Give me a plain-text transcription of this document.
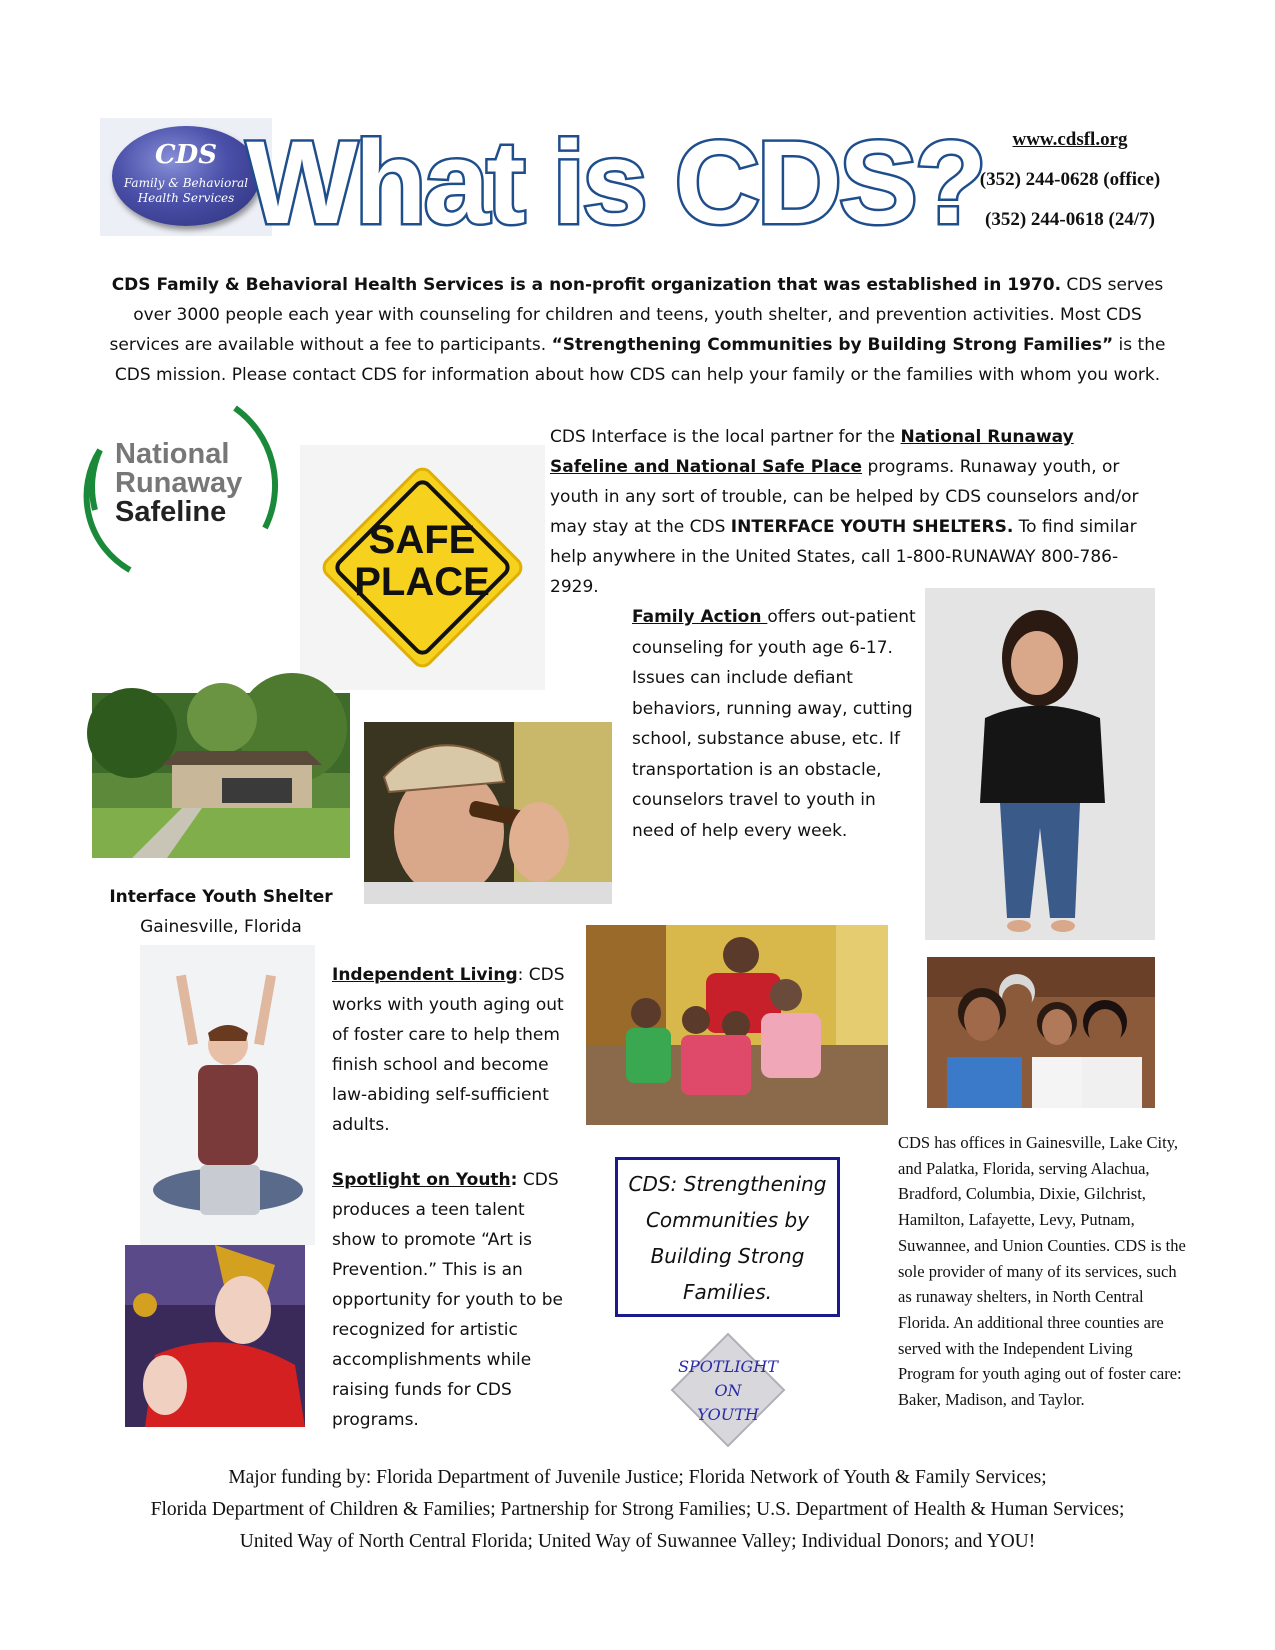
CDS
Family & Behavioral
Health Services What is CDS?	www.cdsfl.org
(352) 244-0628 (office)
(352) 244-0618 (24/7)
CDS Family & Behavioral Health Services is a non-profit organization that was established in 1970. CDS serves over 3000 people each year with counseling for children and teens, youth shelter, and prevention activities. Most CDS services are available without a fee to participants. “Strengthening Communities by Building Strong Families” is the CDS mission. Please contact CDS for information about how CDS can help your family or the families with whom you work.
National
Runaway
Safeline
SAFE
PLACE
CDS Interface is the local partner for the National Runaway Safeline and National Safe Place programs. Runaway youth, or youth in any sort of trouble, can be helped by CDS counselors and/or may stay at the CDS INTERFACE YOUTH SHELTERS. To find similar help anywhere in the United States, call 1-800-RUNAWAY 800-786-2929.
Interface Youth Shelter
Gainesville, Florida
Family Action offers out-patient counseling for youth age 6-17. Issues can include defiant behaviors, running away, cutting school, substance abuse, etc. If transportation is an obstacle, counselors travel to youth in need of help every week.
Independent Living: CDS works with youth aging out of foster care to help them finish school and become law-abiding self-sufficient adults.
Spotlight on Youth: CDS produces a teen talent show to promote “Art is Prevention.” This is an opportunity for youth to be recognized for artistic accomplishments while raising funds for CDS programs.
CDS: Strengthening
Communities by
Building Strong
Families.
SPOTLIGHT
ON
YOUTH
CDS has offices in Gainesville, Lake City, and Palatka, Florida, serving Alachua, Bradford, Columbia, Dixie, Gilchrist, Hamilton, Lafayette, Levy, Putnam, Suwannee, and Union Counties. CDS is the sole provider of many of its services, such as runaway shelters, in North Central Florida. An additional three counties are served with the Independent Living Program for youth aging out of foster care: Baker, Madison, and Taylor.
Major funding by: Florida Department of Juvenile Justice; Florida Network of Youth & Family Services;
Florida Department of Children & Families; Partnership for Strong Families; U.S. Department of Health & Human Services;
United Way of North Central Florida; United Way of Suwannee Valley; Individual Donors; and YOU!
